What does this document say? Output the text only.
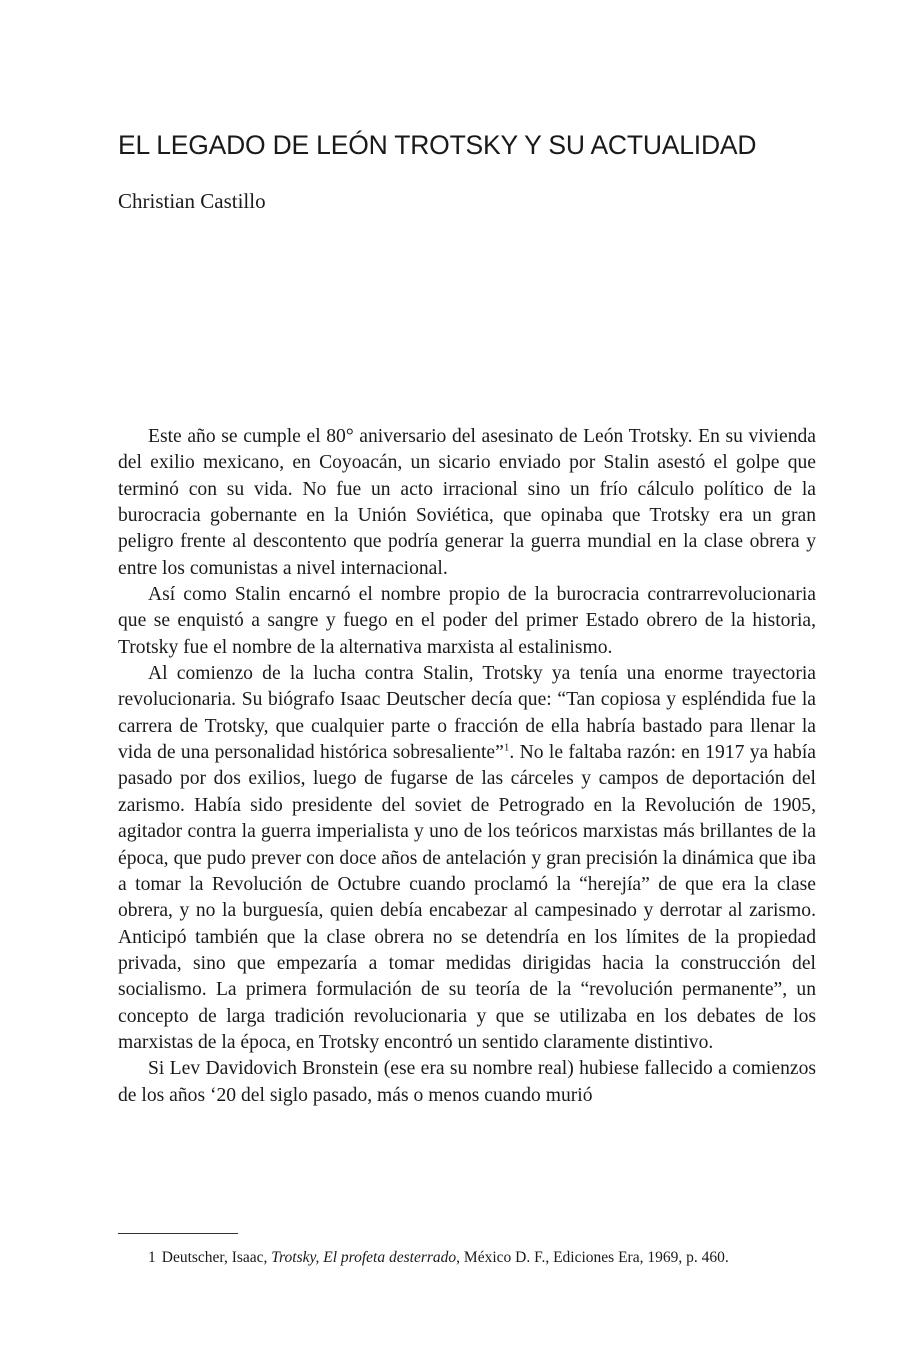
EL LEGADO DE LEÓN TROTSKY Y SU ACTUALIDAD
Christian Castillo

Este año se cumple el 80° aniversario del asesinato de León Trotsky. En su vivienda del exilio mexicano, en Coyoacán, un sicario enviado por Stalin asestó el golpe que terminó con su vida. No fue un acto irracional sino un frío cálculo político de la burocracia gobernante en la Unión Soviética, que opinaba que Trotsky era un gran peligro frente al descontento que podría generar la guerra mundial en la clase obrera y entre los comunistas a nivel internacional.

Así como Stalin encarnó el nombre propio de la burocracia contrarrevolucionaria que se enquistó a sangre y fuego en el poder del primer Estado obrero de la historia, Trotsky fue el nombre de la alternativa marxista al estalinismo.

Al comienzo de la lucha contra Stalin, Trotsky ya tenía una enorme trayectoria revolucionaria. Su biógrafo Isaac Deutscher decía que: “Tan copiosa y espléndida fue la carrera de Trotsky, que cualquier parte o fracción de ella habría bastado para llenar la vida de una personalidad histórica sobresaliente”$^1$. No le faltaba razón: en 1917 ya había pasado por dos exilios, luego de fugarse de las cárceles y campos de deportación del zarismo. Había sido presidente del soviet de Petrogrado en la Revolución de 1905, agitador contra la guerra imperialista y uno de los teóricos marxistas más brillantes de la época, que pudo prever con doce años de antelación y gran precisión la dinámica que iba a tomar la Revolución de Octubre cuando proclamó la “herejía” de que era la clase obrera, y no la burguesía, quien debía encabezar al campesinado y derrotar al zarismo. Anticipó también que la clase obrera no se detendría en los límites de la propiedad privada, sino que empezaría a tomar medidas dirigidas hacia la construcción del socialismo. La primera formulación de su teoría de la “revolución permanente”, un concepto de larga tradición revolucionaria y que se utilizaba en los debates de los marxistas de la época, en Trotsky encontró un sentido claramente distintivo.

Si Lev Davidovich Bronstein (ese era su nombre real) hubiese fallecido a comienzos de los años ‘20 del siglo pasado, más o menos cuando murió

1 Deutscher, Isaac, Trotsky, El profeta desterrado, México D. F., Ediciones Era, 1969, p. 460.
